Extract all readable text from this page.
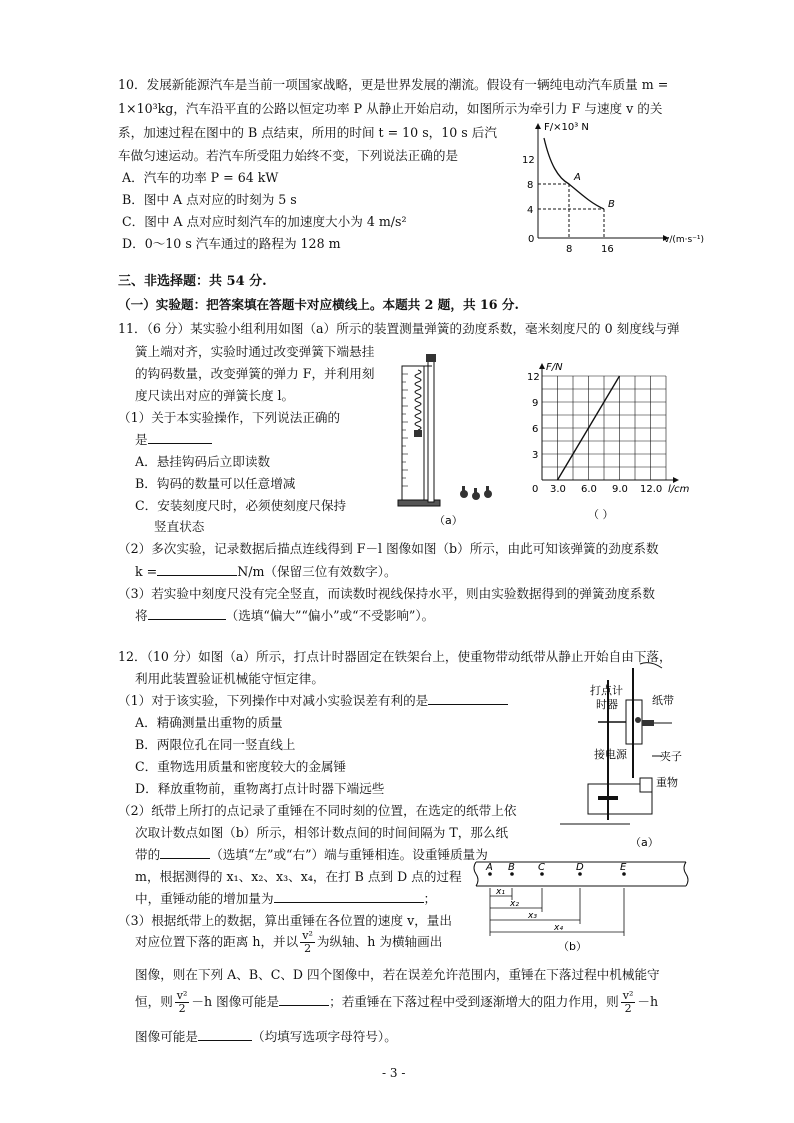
10．发展新能源汽车是当前一项国家战略，更是世界发展的潮流。假设有一辆纯电动汽车质量 m =
1×10³kg，汽车沿平直的公路以恒定功率 P 从静止开始启动，如图所示为牵引力 F 与速度 v 的关
系，加速过程在图中的 B 点结束，所用的时间 t = 10 s，10 s 后汽
车做匀速运动。若汽车所受阻力始终不变，下列说法正确的是
A．汽车的功率 P = 64 kW
B．图中 A 点对应的时刻为 5 s
C．图中 A 点对应时刻汽车的加速度大小为 4 m/s²
D．0～10 s 汽车通过的路程为 128 m
F/×10³ N
v/(m·s⁻¹)
0
12
8
4
8	16
A
B
三、非选择题：共 54 分.
（一）实验题：把答案填在答题卡对应横线上。本题共 2 题，共 16 分.
11．（6 分）某实验小组利用如图（a）所示的装置测量弹簧的劲度系数，毫米刻度尺的 0 刻度线与弹
簧上端对齐，实验时通过改变弹簧下端悬挂
的钩码数量，改变弹簧的弹力 F，并利用刻
度尺读出对应的弹簧长度 l。
（1）关于本实验操作，下列说法正确的
是
A．悬挂钩码后立即读数
B．钩码的数量可以任意增减
C．安装刻度尺时，必须使刻度尺保持
竖直状态	（a）
F/N
12
9
6
3
0 3.0 6.0 9.0 12.0 l/cm
（ ）
（2）多次实验，记录数据后描点连线得到 F－l 图像如图（b）所示，由此可知该弹簧的劲度系数
k =	N/m（保留三位有效数字）。
（3）若实验中刻度尺没有完全竖直，而读数时视线保持水平，则由实验数据得到的弹簧劲度系数
将	（选填“偏大”“偏小”或“不受影响”）。
12．（10 分）如图（a）所示，打点计时器固定在铁架台上，使重物带动纸带从静止开始自由下落，
利用此装置验证机械能守恒定律。
（1）对于该实验，下列操作中对减小实验误差有利的是
A．精确测量出重物的质量
B．两限位孔在同一竖直线上
C．重物选用质量和密度较大的金属锤
D．释放重物前，重物离打点计时器下端远些
（2）纸带上所打的点记录了重锤在不同时刻的位置，在选定的纸带上依
次取计数点如图（b）所示，相邻计数点间的时间间隔为 T，那么纸
带的	（选填“左”或“右”）端与重锤相连。设重锤质量为
m，根据测得的 x₁、x₂、x₃、x₄，在打 B 点到 D 点的过程
中，重锤动能的增加量为	；
（3）根据纸带上的数据，算出重锤在各位置的速度 v，量出
对应位置下落的距离 h，并以 $\frac{\text{v²}}{2}$ 为纵轴、h 为横轴画出
图像，则在下列 A、B、C、D 四个图像中，若在误差允许范围内，重锤在下落过程中机械能守
恒，则 $\frac{\text{v²}}{2} -h$ 图像可能是	；若重锤在下落过程中受到逐渐增大的阻力作用，则 $\frac{\text{v²}}{2} -h$
图像可能是	（均填写选项字母符号）。
打点计
时器	纸带
接电源	夹子
重物
（a）
A B C	D	E
x₁
x₂
x₃
x₄
（b）
- 3 -
